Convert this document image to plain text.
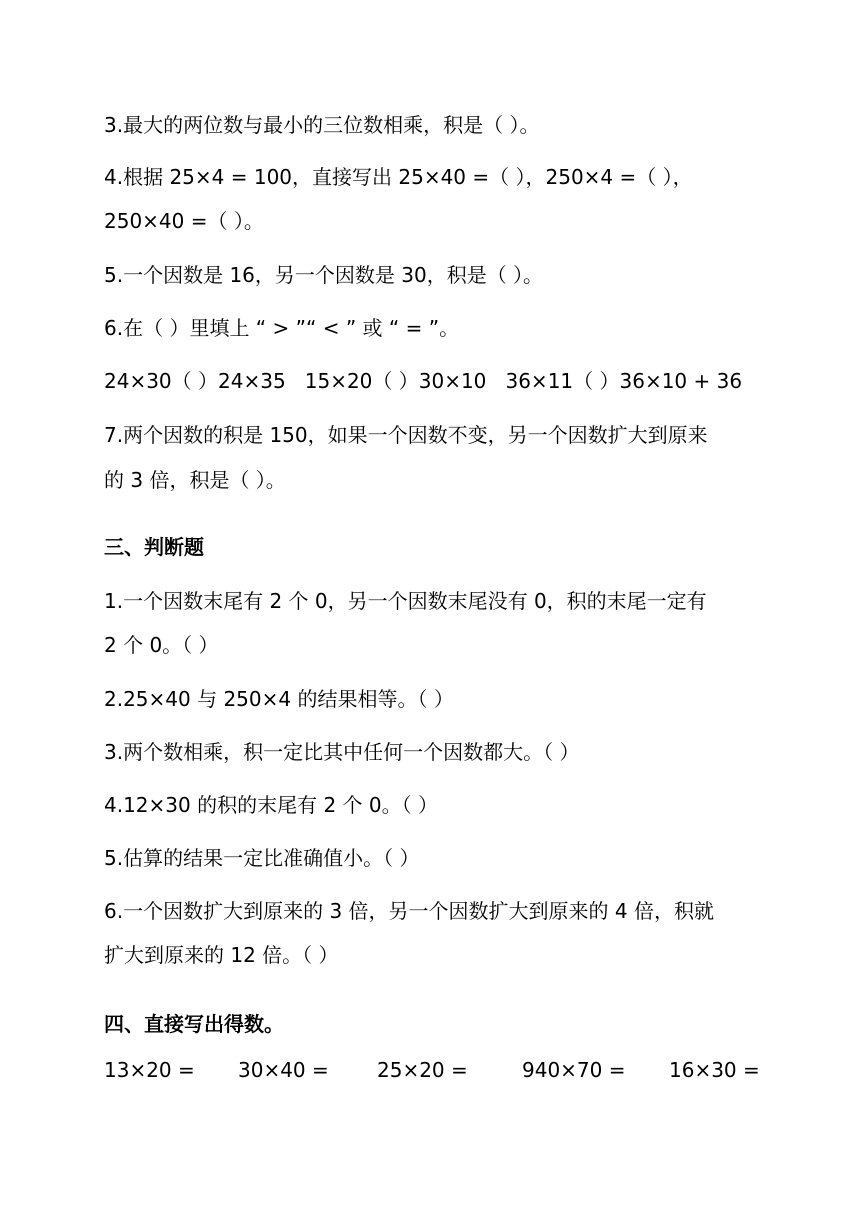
3.最大的两位数与最小的三位数相乘，积是（ ）。

4.根据 25×4 = 100，直接写出 25×40 =（ ），250×4 =（ ），

250×40 =（ ）。

5.一个因数是 16，另一个因数是 30，积是（ ）。

6.在（ ）里填上 “ > ”“ < ” 或 “ = ”。

24×30（ ）24×35   15×20（ ）30×10   36×11（ ）36×10 + 36

7.两个因数的积是 150，如果一个因数不变，另一个因数扩大到原来

的 3 倍，积是（ ）。

三、判断题

1.一个因数末尾有 2 个 0，另一个因数末尾没有 0，积的末尾一定有

2 个 0。（ ）

2.25×40 与 250×4 的结果相等。（ ）

3.两个数相乘，积一定比其中任何一个因数都大。（ ）

4.12×30 的积的末尾有 2 个 0。（ ）

5.估算的结果一定比准确值小。（ ）

6.一个因数扩大到原来的 3 倍，另一个因数扩大到原来的 4 倍，积就

扩大到原来的 12 倍。（ ）

四、直接写出得数。

13×20 = 30×40 = 25×20 =	940×70 = 16×30 =
